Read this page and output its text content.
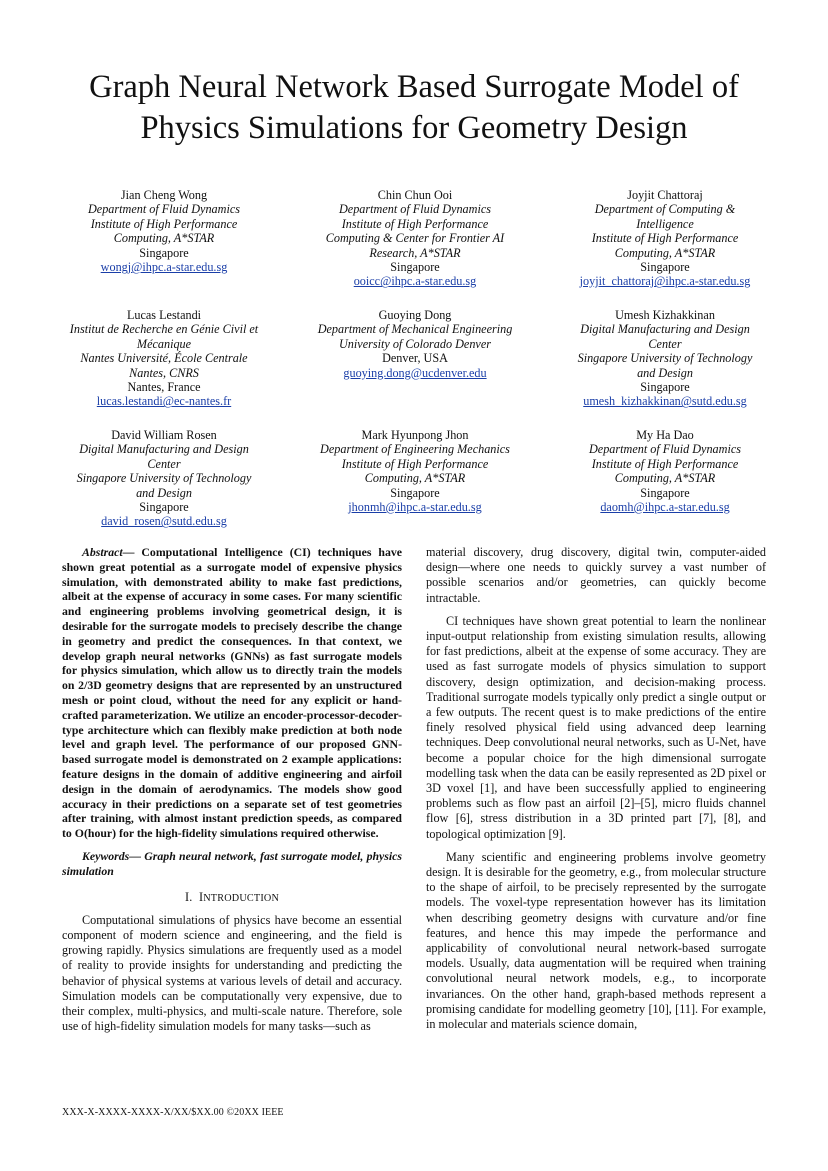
Graph Neural Network Based Surrogate Model of
Physics Simulations for Geometry Design
Jian Cheng Wong
Department of Fluid Dynamics
Institute of High Performance
Computing, A*STAR
Singapore
wongj@ihpc.a-star.edu.sg
Chin Chun Ooi
Department of Fluid Dynamics
Institute of High Performance
Computing & Center for Frontier AI
Research, A*STAR
Singapore
ooicc@ihpc.a-star.edu.sg
Joyjit Chattoraj
Department of Computing &
Intelligence
Institute of High Performance
Computing, A*STAR
Singapore
joyjit_chattoraj@ihpc.a-star.edu.sg
Lucas Lestandi
Institut de Recherche en Génie Civil et
Mécanique
Nantes Université, École Centrale
Nantes, CNRS
Nantes, France
lucas.lestandi@ec-nantes.fr
Guoying Dong
Department of Mechanical Engineering
University of Colorado Denver
Denver, USA
guoying.dong@ucdenver.edu
Umesh Kizhakkinan
Digital Manufacturing and Design
Center
Singapore University of Technology
and Design
Singapore
umesh_kizhakkinan@sutd.edu.sg
David William Rosen
Digital Manufacturing and Design
Center
Singapore University of Technology
and Design
Singapore
david_rosen@sutd.edu.sg
Mark Hyunpong Jhon
Department of Engineering Mechanics
Institute of High Performance
Computing, A*STAR
Singapore
jhonmh@ihpc.a-star.edu.sg
My Ha Dao
Department of Fluid Dynamics
Institute of High Performance
Computing, A*STAR
Singapore
daomh@ihpc.a-star.edu.sg

Abstract— Computational Intelligence (CI) techniques have shown great potential as a surrogate model of expensive physics simulation, with demonstrated ability to make fast predictions, albeit at the expense of accuracy in some cases. For many scientific and engineering problems involving geometrical design, it is desirable for the surrogate models to precisely describe the change in geometry and predict the consequences. In that context, we develop graph neural networks (GNNs) as fast surrogate models for physics simulation, which allow us to directly train the models on 2/3D geometry designs that are represented by an unstructured mesh or point cloud, without the need for any explicit or hand-crafted parameterization. We utilize an encoder-processor-decoder-type architecture which can flexibly make prediction at both node level and graph level. The performance of our proposed GNN-based surrogate model is demonstrated on 2 example applications: feature designs in the domain of additive engineering and airfoil design in the domain of aerodynamics. The models show good accuracy in their predictions on a separate set of test geometries after training, with almost instant prediction speeds, as compared to O(hour) for the high-fidelity simulations required otherwise.

Keywords— Graph neural network, fast surrogate model, physics simulation

I. INTRODUCTION

Computational simulations of physics have become an essential component of modern science and engineering, and the field is growing rapidly. Physics simulations are frequently used as a model of reality to provide insights for understanding and predicting the behavior of physical systems at various levels of detail and accuracy. Simulation models can be computationally very expensive, due to their complex, multi-physics, and multi-scale nature. Therefore, sole use of high-fidelity simulation models for many tasks—such as

material discovery, drug discovery, digital twin, computer-aided design—where one needs to quickly survey a vast number of possible scenarios and/or geometries, can quickly become intractable.

CI techniques have shown great potential to learn the nonlinear input-output relationship from existing simulation results, allowing for fast predictions, albeit at the expense of some accuracy. They are used as fast surrogate models of physics simulation to support discovery, design optimization, and decision-making process. Traditional surrogate models typically only predict a single output or a few outputs. The recent quest is to make predictions of the entire finely resolved physical field using advanced deep learning techniques. Deep convolutional neural networks, such as U-Net, have become a popular choice for the high dimensional surrogate modelling task when the data can be easily represented as 2D pixel or 3D voxel [1], and have been successfully applied to engineering problems such as flow past an airfoil [2]–[5], micro fluids channel flow [6], stress distribution in a 3D printed part [7], [8], and topological optimization [9].

Many scientific and engineering problems involve geometry design. It is desirable for the geometry, e.g., from molecular structure to the shape of airfoil, to be precisely represented by the surrogate models. The voxel-type representation however has its limitation when describing geometry designs with curvature and/or fine features, and hence this may impede the performance and applicability of convolutional neural network-based surrogate models. Usually, data augmentation will be required when training convolutional neural network models, e.g., to incorporate invariances. On the other hand, graph-based methods represent a promising candidate for modelling geometry [10], [11]. For example, in molecular and materials science domain,

XXX-X-XXXX-XXXX-X/XX/$XX.00 ©20XX IEEE
